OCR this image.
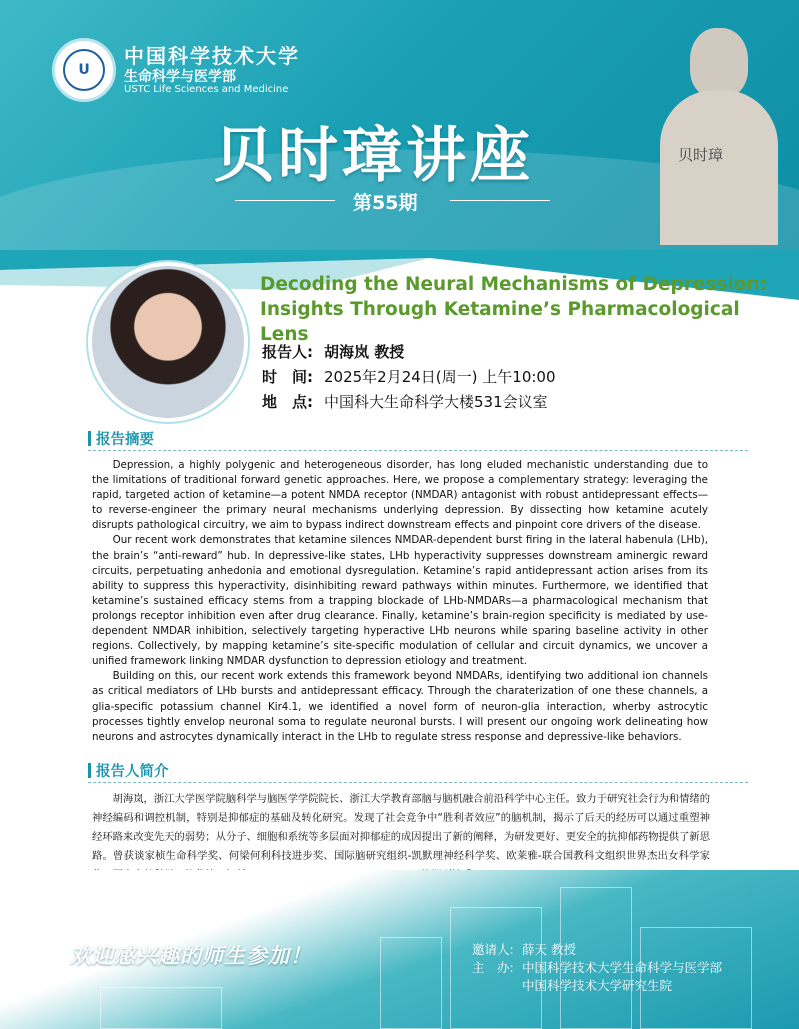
U
中国科学技术大学
生命科学与医学部
USTC Life Sciences and Medicine
贝时璋讲座
第55期
贝时璋
Decoding the Neural Mechanisms of Depression:
Insights Through Ketamine’s Pharmacological Lens
报告人: 胡海岚 教授
时　间: 2025年2月24日(周一) 上午10:00
地　点: 中国科大生命科学大楼531会议室
报告摘要

Depression, a highly polygenic and heterogeneous disorder, has long eluded mechanistic understanding due to the limitations of traditional forward genetic approaches. Here, we propose a complementary strategy: leveraging the rapid, targeted action of ketamine—a potent NMDA receptor (NMDAR) antagonist with robust antidepressant effects—to reverse-engineer the primary neural mechanisms underlying depression. By dissecting how ketamine acutely disrupts pathological circuitry, we aim to bypass indirect downstream effects and pinpoint core drivers of the disease.

Our recent work demonstrates that ketamine silences NMDAR-dependent burst firing in the lateral habenula (LHb), the brain’s “anti-reward” hub. In depressive-like states, LHb hyperactivity suppresses downstream aminergic reward circuits, perpetuating anhedonia and emotional dysregulation. Ketamine’s rapid antidepressant action arises from its ability to suppress this hyperactivity, disinhibiting reward pathways within minutes. Furthermore, we identified that ketamine’s sustained efficacy stems from a trapping blockade of LHb-NMDARs—a pharmacological mechanism that prolongs receptor inhibition even after drug clearance. Finally, ketamine’s brain-region specificity is mediated by use-dependent NMDAR inhibition, selectively targeting hyperactive LHb neurons while sparing baseline activity in other regions. Collectively, by mapping ketamine’s site-specific modulation of cellular and circuit dynamics, we uncover a unified framework linking NMDAR dysfunction to depression etiology and treatment.

Building on this, our recent work extends this framework beyond NMDARs, identifying two additional ion channels as critical mediators of LHb bursts and antidepressant efficacy. Through the charaterization of one these channels, a glia-specific potassium channel Kir4.1, we identified a novel form of neuron-glia interaction, wherby astrocytic processes tightly envelop neuronal soma to regulate neuronal bursts. I will present our ongoing work delineating how neurons and astrocytes dynamically interact in the LHb to regulate stress response and depressive-like behaviors.

报告人简介
胡海岚，浙江大学医学院脑科学与脑医学学院院长、浙江大学教育部脑与脑机融合前沿科学中心主任。致力于研究社会行为和情绪的神经编码和调控机制，特别是抑郁症的基础及转化研究。发现了社会竞争中“胜利者效应”的脑机制，揭示了后天的经历可以通过重塑神经环路来改变先天的弱势；从分子、细胞和系统等多层面对抑郁症的成因提出了新的阐释，为研发更好、更安全的抗抑郁药物提供了新思路。曾获谈家桢生命科学奖、何梁何利科技进步奖、国际脑研究组织-凯默理神经科学奖、欧莱雅-联合国教科文组织世界杰出女科学家
欢迎感兴趣的师生参加！	邀请人: 薛天 教授
主　办: 中国科学技术大学生命科学与医学部
中国科学技术大学研究生院
